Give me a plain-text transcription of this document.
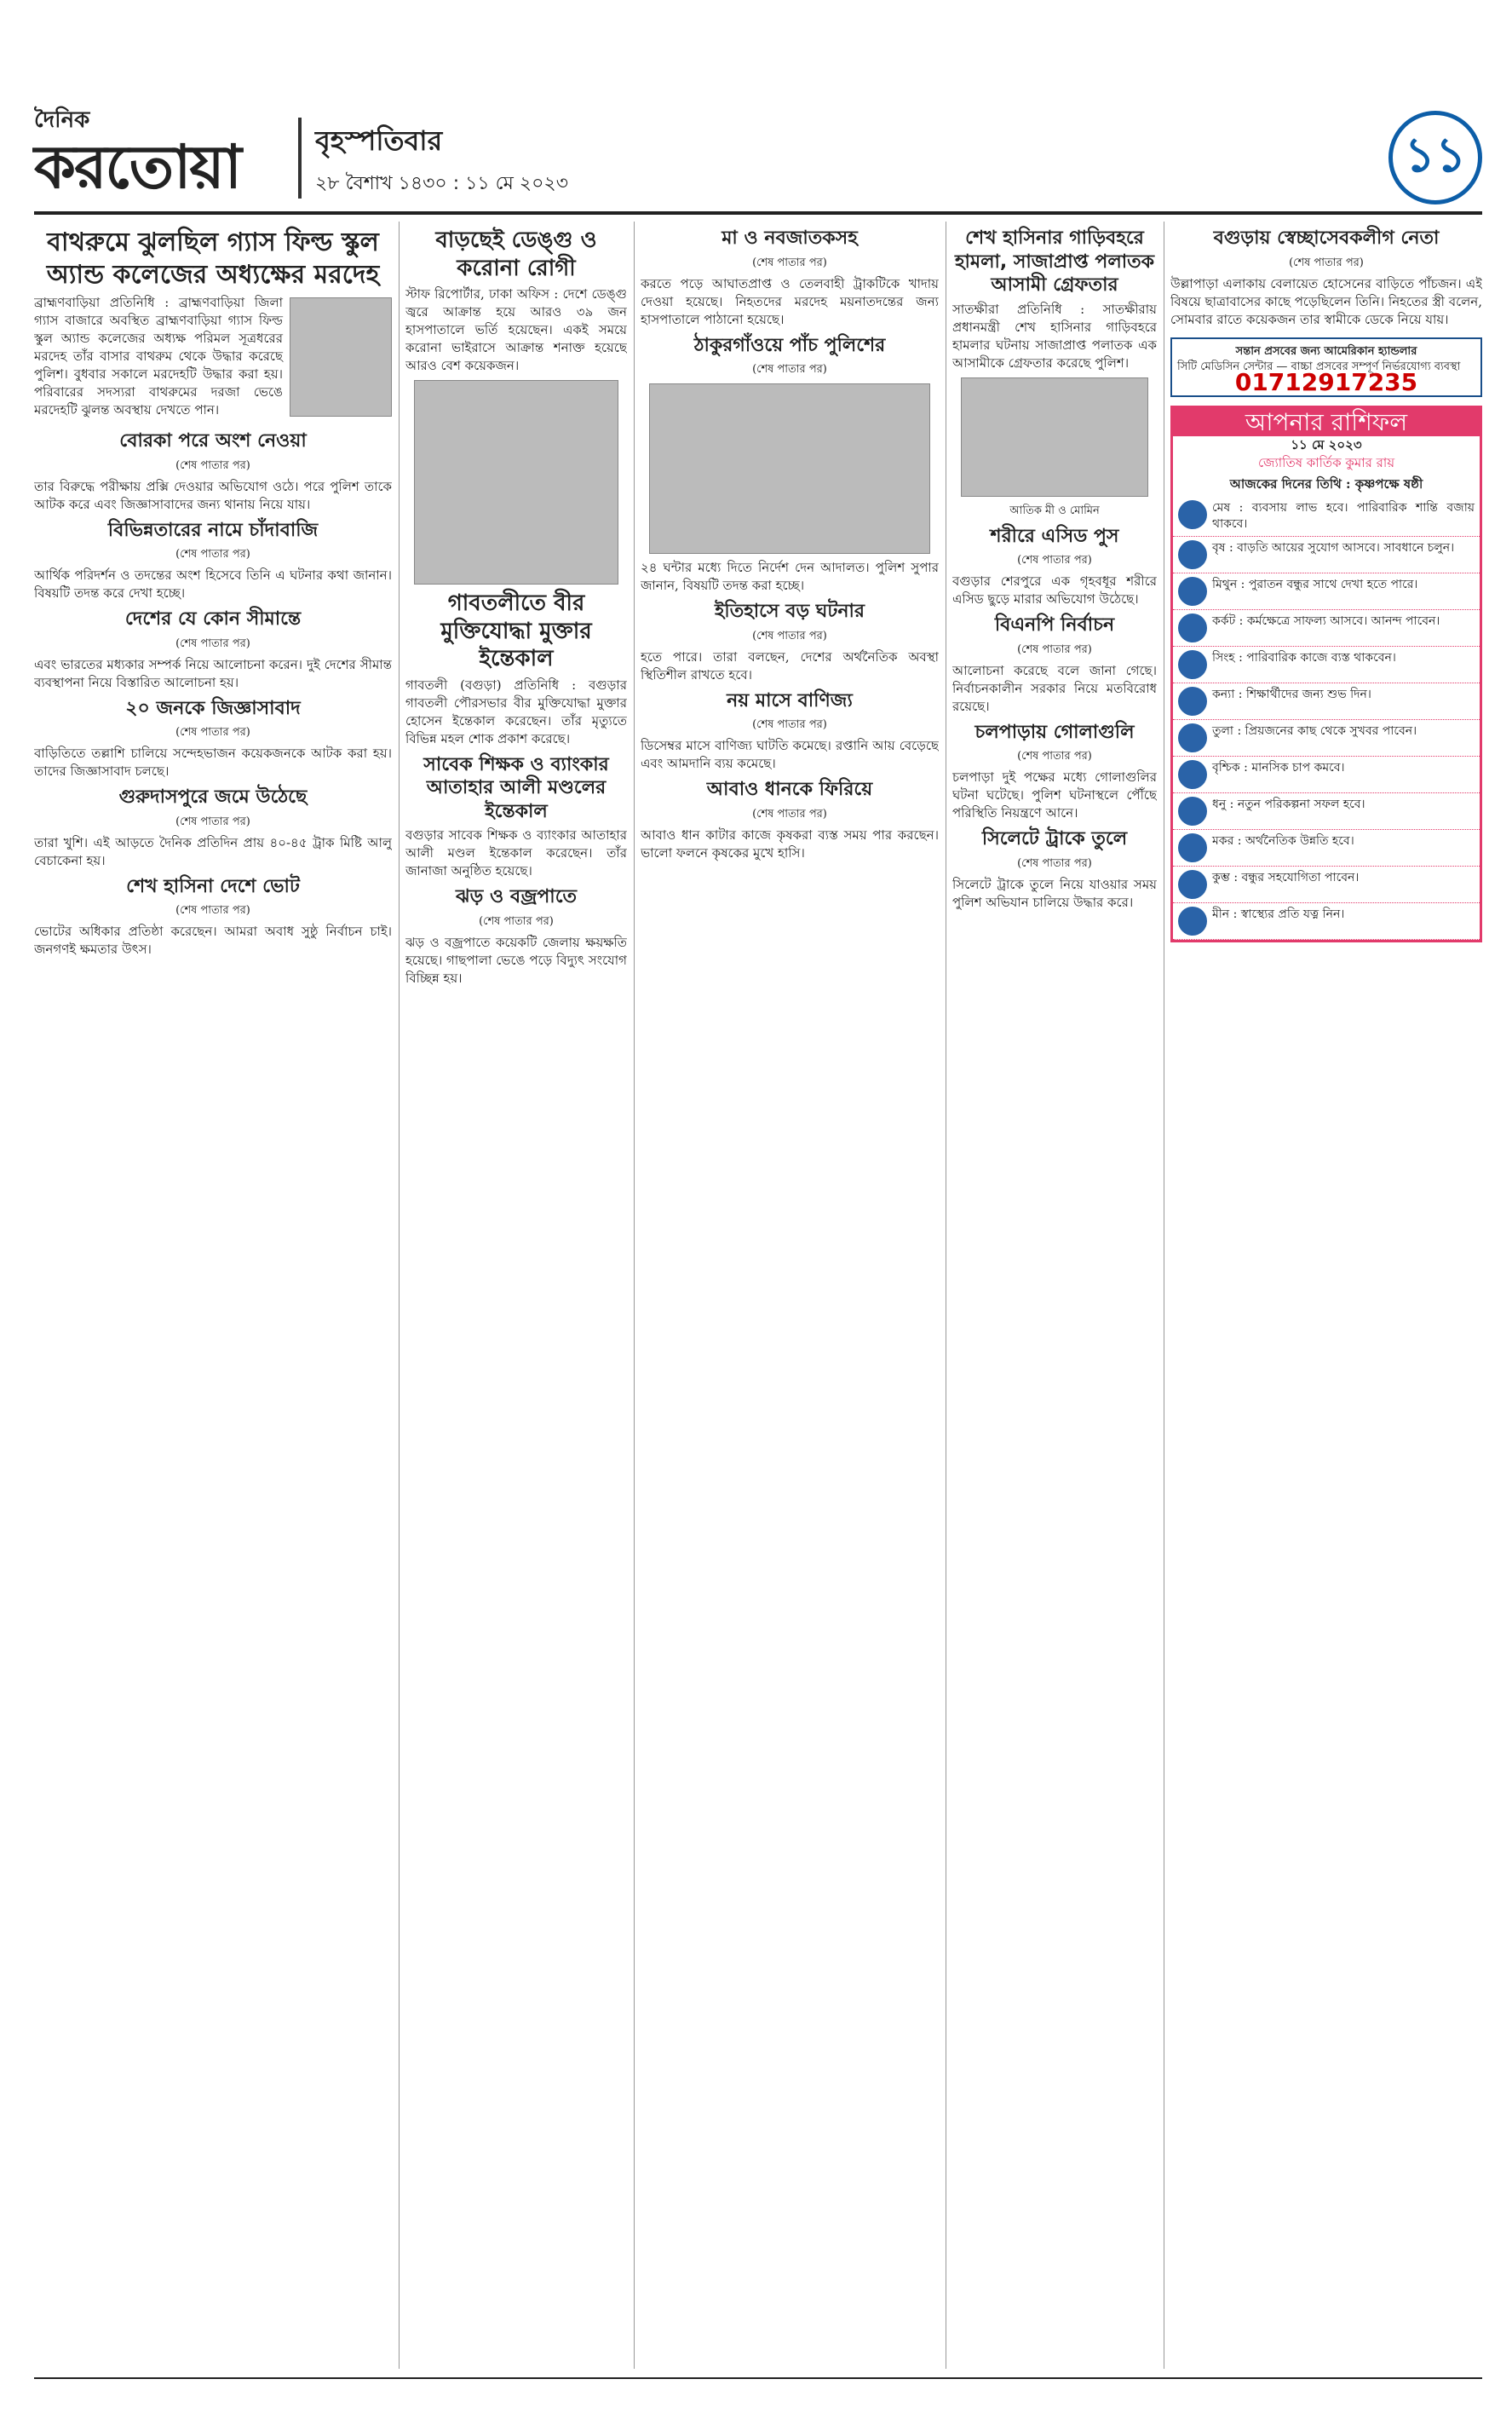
দৈনিক
করতোয়া	বৃহস্পতিবার
২৮ বৈশাখ ১৪৩০ : ১১ মে ২০২৩
১১
বাথরুমে ঝুলছিল গ্যাস ফিল্ড স্কুল অ্যান্ড কলেজের অধ্যক্ষের মরদেহ
ব্রাহ্মণবাড়িয়া প্রতিনিধি : ব্রাহ্মণবাড়িয়া জিলা গ্যাস বাজারে অবস্থিত ব্রাহ্মণবাড়িয়া গ্যাস ফিল্ড স্কুল অ্যান্ড কলেজের অধ্যক্ষ পরিমল সূত্রধরের মরদেহ তাঁর বাসার বাথরুম থেকে উদ্ধার করেছে পুলিশ। বুধবার সকালে মরদেহটি উদ্ধার করা হয়। পরিবারের সদস্যরা বাথরুমের দরজা ভেঙে মরদেহটি ঝুলন্ত অবস্থায় দেখতে পান।
বোরকা পরে অংশ নেওয়া
(শেষ পাতার পর)
তার বিরুদ্ধে পরীক্ষায় প্রক্সি দেওয়ার অভিযোগ ওঠে। পরে পুলিশ তাকে আটক করে এবং জিজ্ঞাসাবাদের জন্য থানায় নিয়ে যায়।
বিভিন্নতারের নামে চাঁদাবাজি
(শেষ পাতার পর)
আর্থিক পরিদর্শন ও তদন্তের অংশ হিসেবে তিনি এ ঘটনার কথা জানান। বিষয়টি তদন্ত করে দেখা হচ্ছে।
দেশের যে কোন সীমান্তে
(শেষ পাতার পর)
এবং ভারতের মধ্যকার সম্পর্ক নিয়ে আলোচনা করেন। দুই দেশের সীমান্ত ব্যবস্থাপনা নিয়ে বিস্তারিত আলোচনা হয়।
২০ জনকে জিজ্ঞাসাবাদ
(শেষ পাতার পর)
বাড়িতিতে তল্লাশি চালিয়ে সন্দেহভাজন কয়েকজনকে আটক করা হয়। তাদের জিজ্ঞাসাবাদ চলছে।
গুরুদাসপুরে জমে উঠেছে
(শেষ পাতার পর)
তারা খুশি। এই আড়তে দৈনিক প্রতিদিন প্রায় ৪০-৪৫ ট্রাক মিষ্টি আলু বেচাকেনা হয়।
শেখ হাসিনা দেশে ভোট
(শেষ পাতার পর)
ভোটের অধিকার প্রতিষ্ঠা করেছেন। আমরা অবাধ সুষ্ঠু নির্বাচন চাই। জনগণই ক্ষমতার উৎস।
বাড়ছেই ডেঙ্গু ও করোনা রোগী
স্টাফ রিপোর্টার, ঢাকা অফিস : দেশে ডেঙ্গু জ্বরে আক্রান্ত হয়ে আরও ৩৯ জন হাসপাতালে ভর্তি হয়েছেন। একই সময়ে করোনা ভাইরাসে আক্রান্ত শনাক্ত হয়েছে আরও বেশ কয়েকজন।
গাবতলীতে বীর মুক্তিযোদ্ধা মুক্তার ইন্তেকাল
গাবতলী (বগুড়া) প্রতিনিধি : বগুড়ার গাবতলী পৌরসভার বীর মুক্তিযোদ্ধা মুক্তার হোসেন ইন্তেকাল করেছেন। তাঁর মৃত্যুতে বিভিন্ন মহল শোক প্রকাশ করেছে।
সাবেক শিক্ষক ও ব্যাংকার আতাহার আলী মণ্ডলের ইন্তেকাল
বগুড়ার সাবেক শিক্ষক ও ব্যাংকার আতাহার আলী মণ্ডল ইন্তেকাল করেছেন। তাঁর জানাজা অনুষ্ঠিত হয়েছে।
ঝড় ও বজ্রপাতে
(শেষ পাতার পর)
ঝড় ও বজ্রপাতে কয়েকটি জেলায় ক্ষয়ক্ষতি হয়েছে। গাছপালা ভেঙে পড়ে বিদ্যুৎ সংযোগ বিচ্ছিন্ন হয়।
মা ও নবজাতকসহ
(শেষ পাতার পর)
করতে পড়ে আঘাতপ্রাপ্ত ও তেলবাহী ট্রাকটিকে খাদায় দেওয়া হয়েছে। নিহতদের মরদেহ ময়নাতদন্তের জন্য হাসপাতালে পাঠানো হয়েছে।
ঠাকুরগাঁওয়ে পাঁচ পুলিশের
(শেষ পাতার পর)
২৪ ঘন্টার মধ্যে দিতে নির্দেশ দেন আদালত। পুলিশ সুপার জানান, বিষয়টি তদন্ত করা হচ্ছে।
ইতিহাসে বড় ঘটনার
(শেষ পাতার পর)
হতে পারে। তারা বলছেন, দেশের অর্থনৈতিক অবস্থা স্থিতিশীল রাখতে হবে।
নয় মাসে বাণিজ্য
(শেষ পাতার পর)
ডিসেম্বর মাসে বাণিজ্য ঘাটতি কমেছে। রপ্তানি আয় বেড়েছে এবং আমদানি ব্যয় কমেছে।
আবাও ধানকে ফিরিয়ে
(শেষ পাতার পর)
আবাও ধান কাটার কাজে কৃষকরা ব্যস্ত সময় পার করছেন। ভালো ফলনে কৃষকের মুখে হাসি।
শেখ হাসিনার গাড়িবহরে হামলা, সাজাপ্রাপ্ত পলাতক আসামী গ্রেফতার
সাতক্ষীরা প্রতিনিধি : সাতক্ষীরায় প্রধানমন্ত্রী শেখ হাসিনার গাড়িবহরে হামলার ঘটনায় সাজাপ্রাপ্ত পলাতক এক আসামীকে গ্রেফতার করেছে পুলিশ।
আতিক মী ও মোমিন
শরীরে এসিড পুস
(শেষ পাতার পর)
বগুড়ার শেরপুরে এক গৃহবধূর শরীরে এসিড ছুড়ে মারার অভিযোগ উঠেছে।
বিএনপি নির্বাচন
(শেষ পাতার পর)
আলোচনা করেছে বলে জানা গেছে। নির্বাচনকালীন সরকার নিয়ে মতবিরোধ রয়েছে।
চলপাড়ায় গোলাগুলি
(শেষ পাতার পর)
চলপাড়া দুই পক্ষের মধ্যে গোলাগুলির ঘটনা ঘটেছে। পুলিশ ঘটনাস্থলে পৌঁছে পরিস্থিতি নিয়ন্ত্রণে আনে।
সিলেটে ট্রাকে তুলে
(শেষ পাতার পর)
সিলেটে ট্রাকে তুলে নিয়ে যাওয়ার সময় পুলিশ অভিযান চালিয়ে উদ্ধার করে।
বগুড়ায় স্বেচ্ছাসেবকলীগ নেতা
(শেষ পাতার পর)
উল্লাপাড়া এলাকায় বেলায়েত হোসেনের বাড়িতে পাঁচজন। এই বিষয়ে ছাত্রাবাসের কাছে পড়েছিলেন তিনি। নিহতের স্ত্রী বলেন, সোমবার রাতে কয়েকজন তার স্বামীকে ডেকে নিয়ে যায়।
সন্তান প্রসবের জন্য আমেরিকান হ্যান্ডলার
সিটি মেডিসিন সেন্টার — বাচ্চা প্রসবের সম্পূর্ণ নির্ভরযোগ্য ব্যবস্থা
01712917235
আপনার রাশিফল
১১ মে ২০২৩
জ্যোতিষ কার্তিক কুমার রায়
আজকের দিনের তিথি : কৃষ্ণপক্ষে ষষ্ঠী
মেষ : ব্যবসায় লাভ হবে। পারিবারিক শান্তি বজায় থাকবে।
বৃষ : বাড়তি আয়ের সুযোগ আসবে। সাবধানে চলুন।
মিথুন : পুরাতন বন্ধুর সাথে দেখা হতে পারে।
কর্কট : কর্মক্ষেত্রে সাফল্য আসবে। আনন্দ পাবেন।
সিংহ : পারিবারিক কাজে ব্যস্ত থাকবেন।
কন্যা : শিক্ষার্থীদের জন্য শুভ দিন।
তুলা : প্রিয়জনের কাছ থেকে সুখবর পাবেন।
বৃশ্চিক : মানসিক চাপ কমবে।
ধনু : নতুন পরিকল্পনা সফল হবে।
মকর : অর্থনৈতিক উন্নতি হবে।
কুম্ভ : বন্ধুর সহযোগিতা পাবেন।
মীন : স্বাস্থ্যের প্রতি যত্ন নিন।
